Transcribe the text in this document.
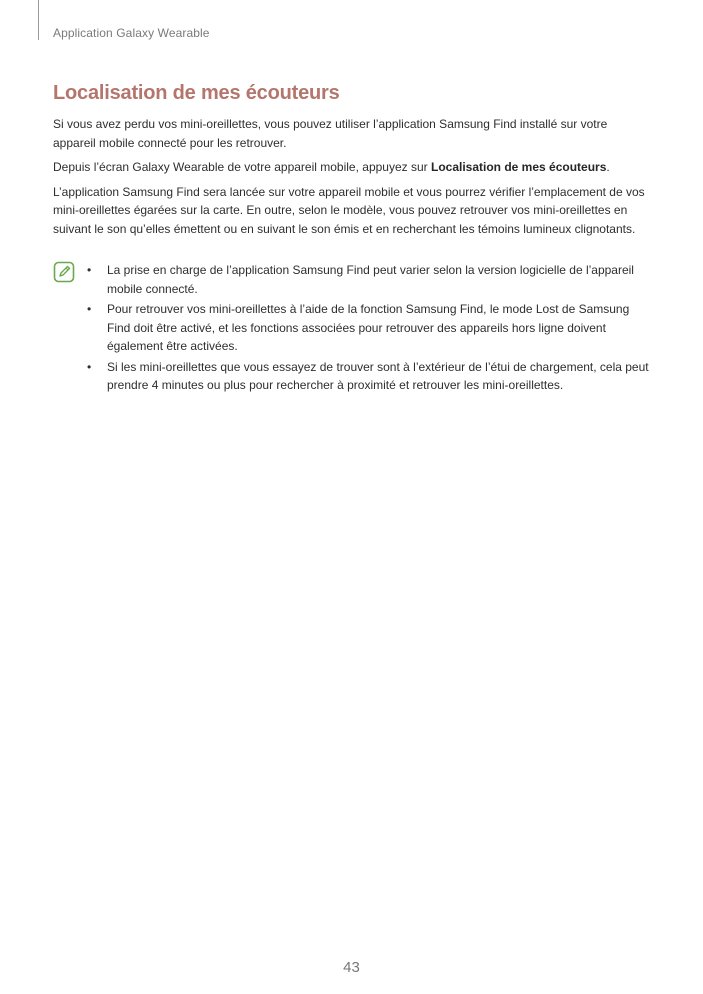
Application Galaxy Wearable
Localisation de mes écouteurs

Si vous avez perdu vos mini-oreillettes, vous pouvez utiliser l’application Samsung Find installé sur votre appareil mobile connecté pour les retrouver.

Depuis l’écran Galaxy Wearable de votre appareil mobile, appuyez sur Localisation de mes écouteurs.

L’application Samsung Find sera lancée sur votre appareil mobile et vous pourrez vérifier l’emplacement de vos mini-oreillettes égarées sur la carte. En outre, selon le modèle, vous pouvez retrouver vos mini-oreillettes en suivant le son qu’elles émettent ou en suivant le son émis et en recherchant les témoins lumineux clignotants.

• La prise en charge de l’application Samsung Find peut varier selon la version logicielle de l’appareil mobile connecté.
• Pour retrouver vos mini-oreillettes à l’aide de la fonction Samsung Find, le mode Lost de Samsung Find doit être activé, et les fonctions associées pour retrouver des appareils hors ligne doivent également être activées.
• Si les mini-oreillettes que vous essayez de trouver sont à l’extérieur de l’étui de chargement, cela peut prendre 4 minutes ou plus pour rechercher à proximité et retrouver les mini-oreillettes.
43
